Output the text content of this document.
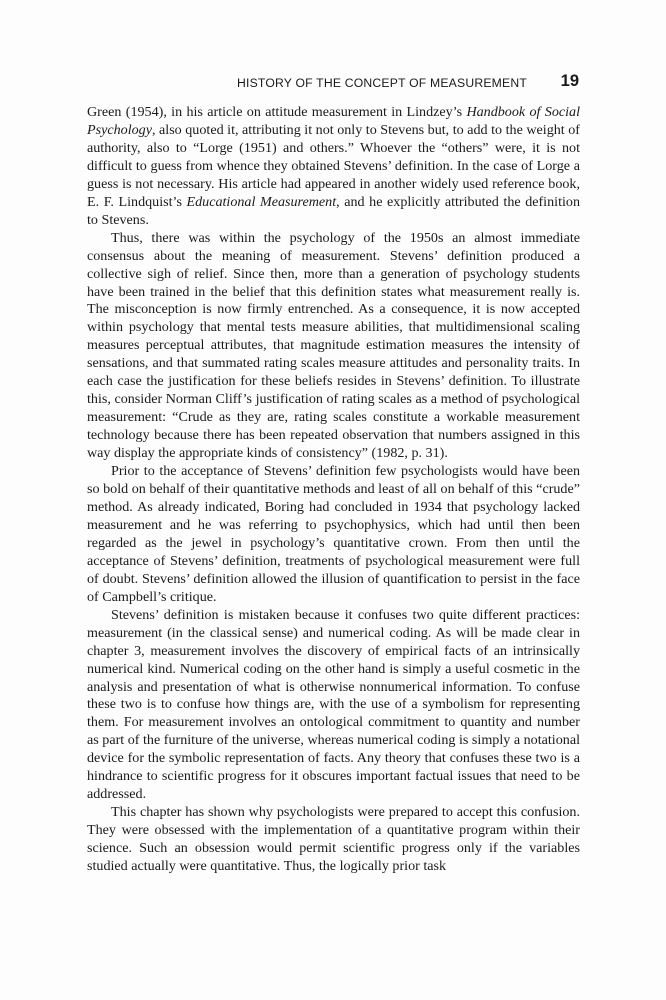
HISTORY OF THE CONCEPT OF MEASUREMENT 19

Green (1954), in his article on attitude measurement in Lindzey’s Handbook of Social Psychology, also quoted it, attributing it not only to Stevens but, to add to the weight of authority, also to “Lorge (1951) and others.” Whoever the “others” were, it is not difficult to guess from whence they obtained Stevens’ definition. In the case of Lorge a guess is not necessary. His article had appeared in another widely used reference book, E. F. Lindquist’s Educational Measurement, and he explicitly attributed the definition to Stevens.

Thus, there was within the psychology of the 1950s an almost immediate consensus about the meaning of measurement. Stevens’ definition produced a collective sigh of relief. Since then, more than a generation of psychology students have been trained in the belief that this definition states what measurement really is. The misconception is now firmly entrenched. As a consequence, it is now accepted within psychology that mental tests measure abilities, that multidimensional scaling measures perceptual attributes, that magnitude estimation measures the intensity of sensations, and that summated rating scales measure attitudes and personality traits. In each case the justification for these beliefs resides in Stevens’ definition. To illustrate this, consider Norman Cliff’s justification of rating scales as a method of psychological measurement: “Crude as they are, rating scales constitute a workable measurement technology because there has been repeated observation that numbers assigned in this way display the appropriate kinds of consistency” (1982, p. 31).

Prior to the acceptance of Stevens’ definition few psychologists would have been so bold on behalf of their quantitative methods and least of all on behalf of this “crude” method. As already indicated, Boring had concluded in 1934 that psychology lacked measurement and he was referring to psychophysics, which had until then been regarded as the jewel in psychology’s quantitative crown. From then until the acceptance of Stevens’ definition, treatments of psychological measurement were full of doubt. Stevens’ definition allowed the illusion of quantification to persist in the face of Campbell’s critique.

Stevens’ definition is mistaken because it confuses two quite different practices: measurement (in the classical sense) and numerical coding. As will be made clear in chapter 3, measurement involves the discovery of empirical facts of an intrinsically numerical kind. Numerical coding on the other hand is simply a useful cosmetic in the analysis and presentation of what is otherwise nonnumerical information. To confuse these two is to confuse how things are, with the use of a symbolism for representing them. For measurement involves an ontological commitment to quantity and number as part of the furniture of the universe, whereas numerical coding is simply a notational device for the symbolic representation of facts. Any theory that confuses these two is a hindrance to scientific progress for it obscures important factual issues that need to be addressed.

This chapter has shown why psychologists were prepared to accept this confusion. They were obsessed with the implementation of a quantitative program within their science. Such an obsession would permit scientific progress only if the variables studied actually were quantitative. Thus, the logically prior task
